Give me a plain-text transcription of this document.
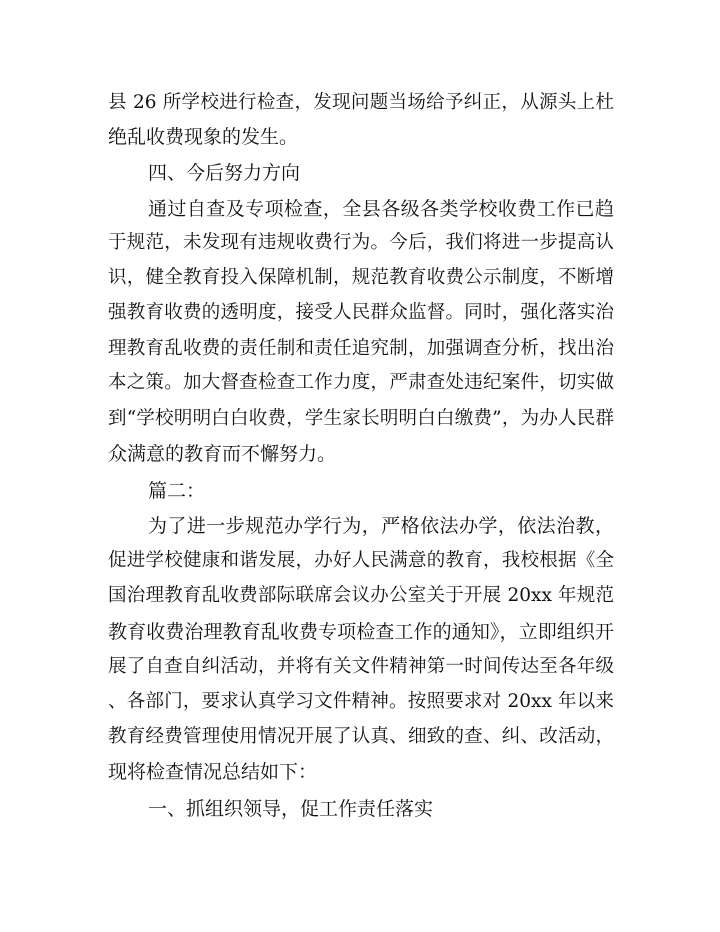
县 26 所学校进行检查，发现问题当场给予纠正，从源头上杜
绝乱收费现象的发生。
四、今后努力方向
通过自查及专项检查，全县各级各类学校收费工作已趋
于规范，未发现有违规收费行为。今后，我们将进一步提高认
识，健全教育投入保障机制，规范教育收费公示制度，不断增
强教育收费的透明度，接受人民群众监督。同时，强化落实治
理教育乱收费的责任制和责任追究制，加强调查分析，找出治
本之策。加大督查检查工作力度，严肃查处违纪案件，切实做
到“学校明明白白收费，学生家长明明白白缴费”，为办人民群
众满意的教育而不懈努力。
篇二：
为了进一步规范办学行为，严格依法办学，依法治教，
促进学校健康和谐发展，办好人民满意的教育，我校根据《全
国治理教育乱收费部际联席会议办公室关于开展 20xx 年规范
教育收费治理教育乱收费专项检查工作的通知》，立即组织开
展了自查自纠活动，并将有关文件精神第一时间传达至各年级
、各部门，要求认真学习文件精神。按照要求对 20xx 年以来
教育经费管理使用情况开展了认真、细致的查、纠、改活动，
现将检查情况总结如下：
一、抓组织领导，促工作责任落实
